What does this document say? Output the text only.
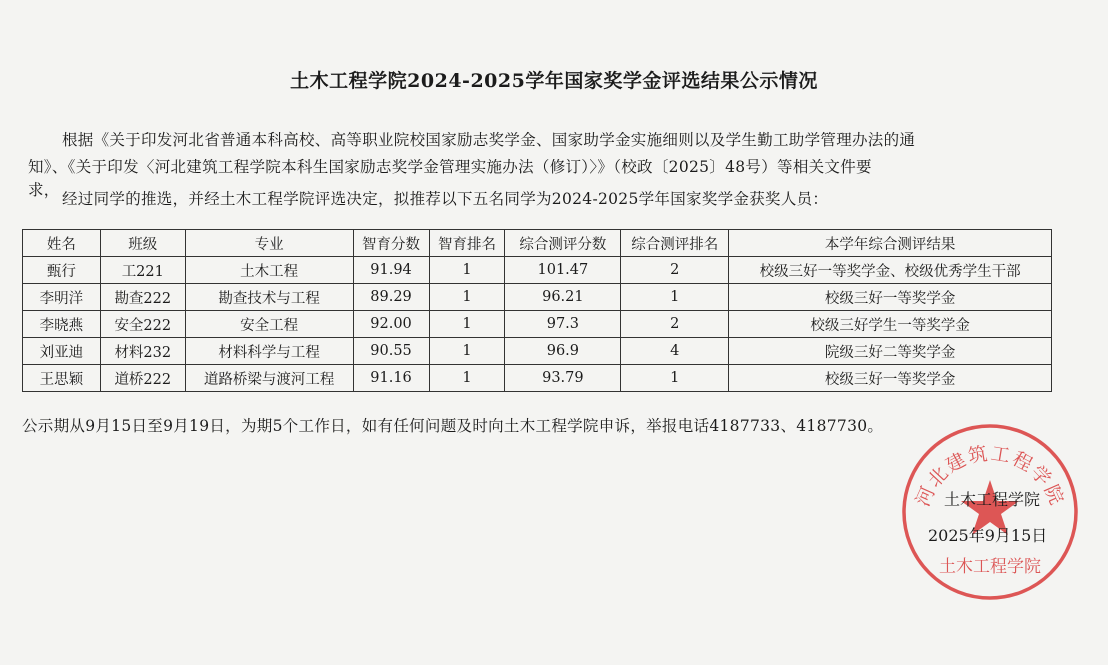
土木工程学院2024-2025学年国家奖学金评选结果公示情况
根据《关于印发河北省普通本科高校、高等职业院校国家励志奖学金、国家助学金实施细则以及学生勤工助学管理办法的通
知》、《关于印发〈河北建筑工程学院本科生国家励志奖学金管理实施办法（修订）〉》（校政〔2025〕48号）等相关文件要
求， 经过同学的推选，并经土木工程学院评选决定，拟推荐以下五名同学为2024-2025学年国家奖学金获奖人员：
姓名	班级	专业	智育分数	智育排名	综合测评分数	综合测评排名	本学年综合测评结果
甄行	工221	土木工程	91.94	1	101.47	2	校级三好一等奖学金、校级优秀学生干部
李明洋	勘查222	勘查技术与工程	89.29	1	96.21	1	校级三好一等奖学金
李晓燕	安全222	安全工程	92.00	1	97.3	2	校级三好学生一等奖学金
刘亚迪	材料232	材料科学与工程	90.55	1	96.9	4	院级三好二等奖学金
王思颖	道桥222	道路桥梁与渡河工程	91.16	1	93.79	1	校级三好一等奖学金
公示期从9月15日至9月19日，为期5个工作日，如有任何问题及时向土木工程学院申诉，举报电话4187733、4187730。
河北建筑工程学院
土木工程学院
土木工程学院
2025年9月15日
